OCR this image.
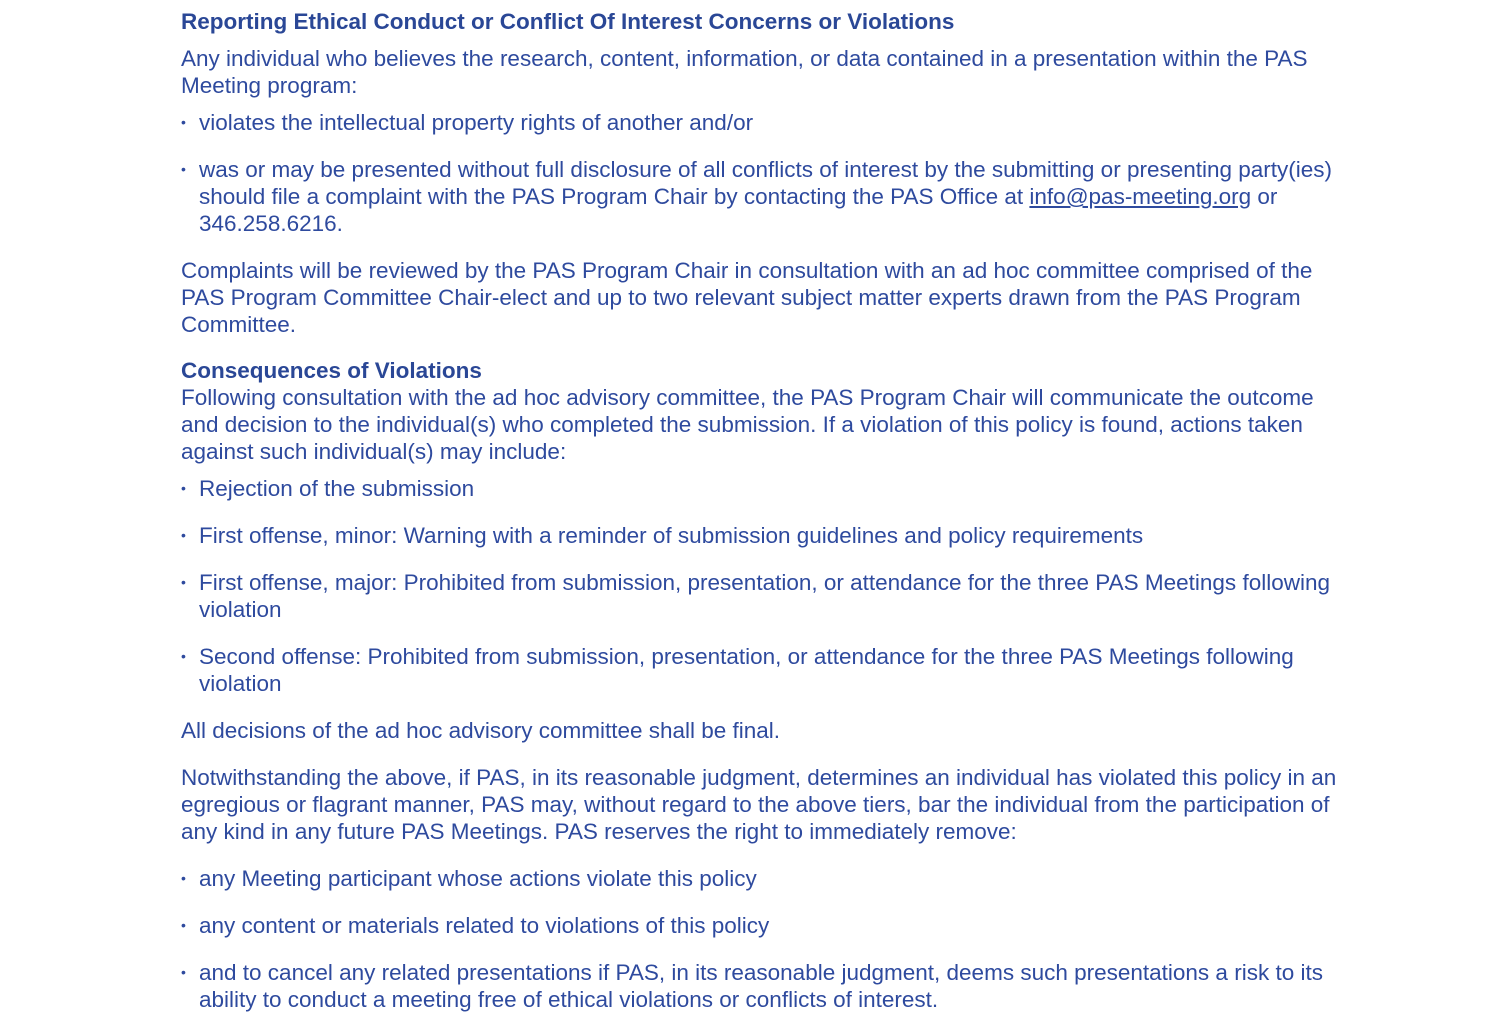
Reporting Ethical Conduct or Conflict Of Interest Concerns or Violations

Any individual who believes the research, content, information, or data contained in a presentation within the PAS Meeting program:

• violates the intellectual property rights of another and/or
• was or may be presented without full disclosure of all conflicts of interest by the submitting or presenting party(ies) should file a complaint with the PAS Program Chair by contacting the PAS Office at info@pas-meeting.org or 346.258.6216.

Complaints will be reviewed by the PAS Program Chair in consultation with an ad hoc committee comprised of the PAS Program Committee Chair-elect and up to two relevant subject matter experts drawn from the PAS Program Committee.

Consequences of Violations

Following consultation with the ad hoc advisory committee, the PAS Program Chair will communicate the outcome and decision to the individual(s) who completed the submission. If a violation of this policy is found, actions taken against such individual(s) may include:

• Rejection of the submission
• First offense, minor: Warning with a reminder of submission guidelines and policy requirements
• First offense, major: Prohibited from submission, presentation, or attendance for the three PAS Meetings following violation
• Second offense: Prohibited from submission, presentation, or attendance for the three PAS Meetings following violation

All decisions of the ad hoc advisory committee shall be final.

Notwithstanding the above, if PAS, in its reasonable judgment, determines an individual has violated this policy in an egregious or flagrant manner, PAS may, without regard to the above tiers, bar the individual from the participation of any kind in any future PAS Meetings. PAS reserves the right to immediately remove:

• any Meeting participant whose actions violate this policy
• any content or materials related to violations of this policy
• and to cancel any related presentations if PAS, in its reasonable judgment, deems such presentations a risk to its ability to conduct a meeting free of ethical violations or conflicts of interest.
